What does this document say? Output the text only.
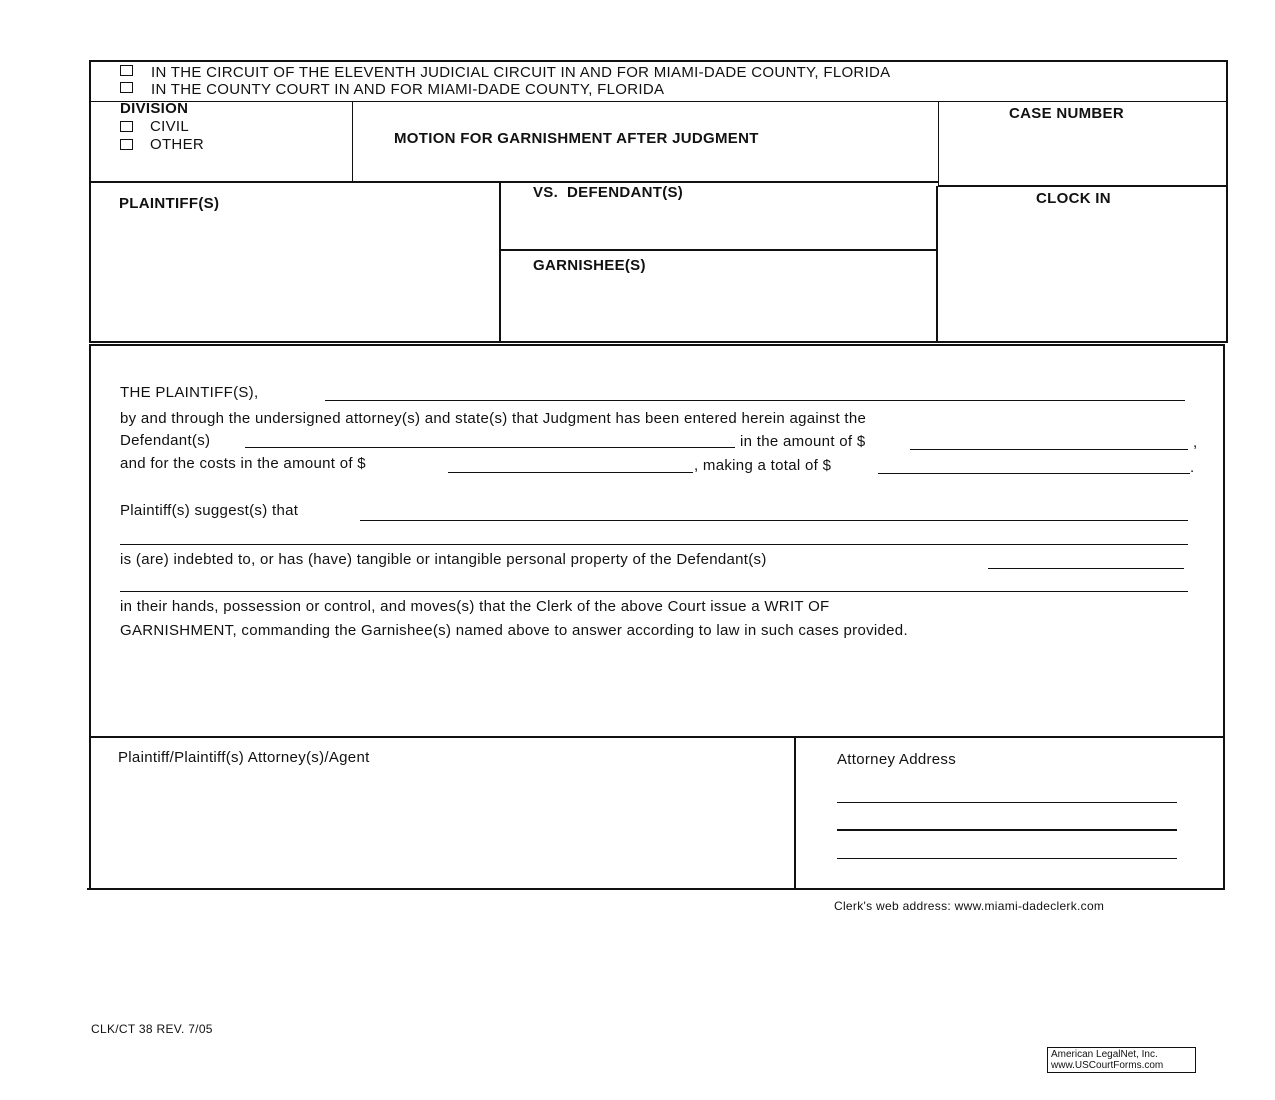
IN THE CIRCUIT OF THE ELEVENTH JUDICIAL CIRCUIT IN AND FOR MIAMI-DADE COUNTY, FLORIDA
IN THE COUNTY COURT IN AND FOR MIAMI-DADE COUNTY, FLORIDA
DIVISION
CIVIL
OTHER	MOTION FOR GARNISHMENT AFTER JUDGMENT
CASE NUMBER
PLAINTIFF(S)
VS.  DEFENDANT(S)
GARNISHEE(S)
CLOCK IN
THE PLAINTIFF(S),
by and through the undersigned attorney(s) and state(s) that Judgment has been entered herein against the
Defendant(s)	in the amount of $	,
and for the costs in the amount of $	, making a total of $	.
Plaintiff(s) suggest(s) that
is (are) indebted to, or has (have) tangible or intangible personal property of the Defendant(s)
in their hands, possession or control, and moves(s) that the Clerk of the above Court issue a WRIT OF
GARNISHMENT, commanding the Garnishee(s) named above to answer according to law in such cases provided.
Plaintiff/Plaintiff(s) Attorney(s)/Agent	Attorney Address
Clerk's web address: www.miami-dadeclerk.com
CLK/CT 38 REV. 7/05
American LegalNet, Inc.
www.USCourtForms.com
